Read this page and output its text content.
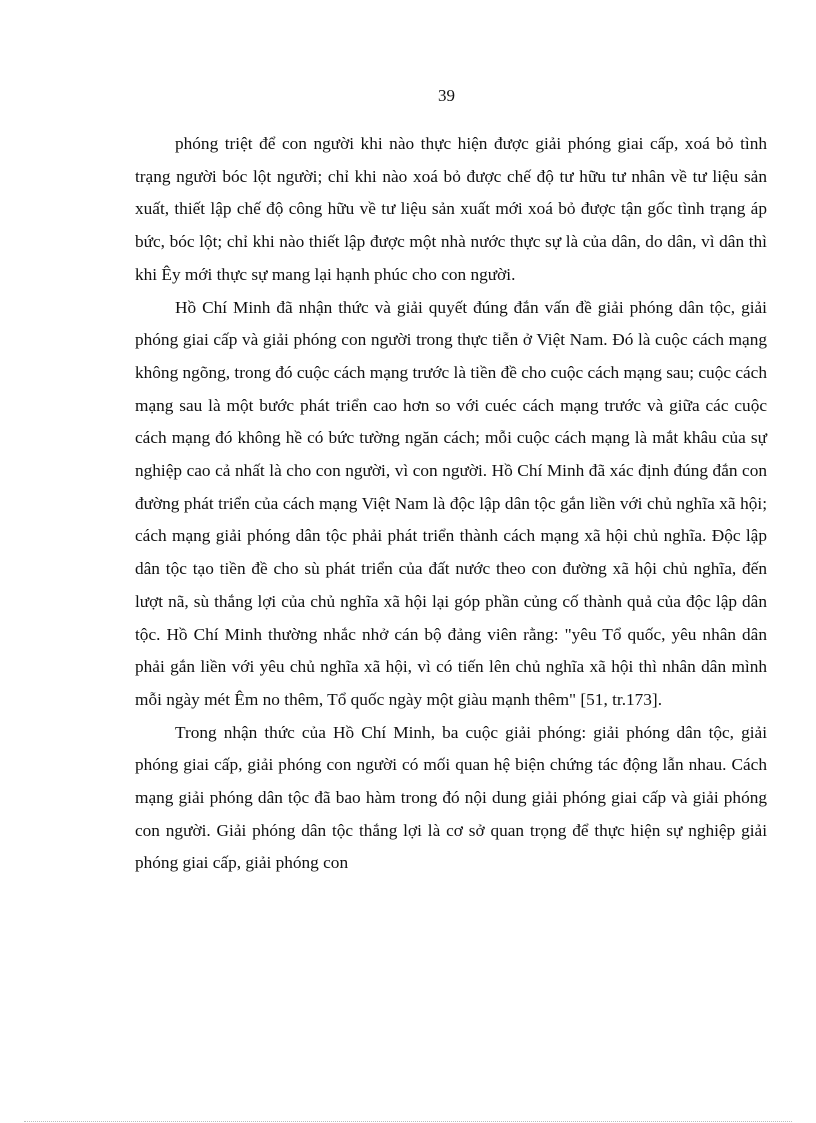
39

phóng triệt để con người khi nào thực hiện được giải phóng giai cấp, xoá bỏ tình trạng người bóc lột người; chỉ khi nào xoá bỏ được chế độ tư hữu tư nhân về tư liệu sản xuất, thiết lập chế độ công hữu về tư liệu sản xuất mới xoá bỏ được tận gốc tình trạng áp bức, bóc lột; chỉ khi nào thiết lập được một nhà nước thực sự là của dân, do dân, vì dân thì khi Êy mới thực sự mang lại hạnh phúc cho con người.

Hồ Chí Minh đã nhận thức và giải quyết đúng đắn vấn đề giải phóng dân tộc, giải phóng giai cấp và giải phóng con người trong thực tiễn ở Việt Nam. Đó là cuộc cách mạng không ngõng, trong đó cuộc cách mạng trước là tiền đề cho cuộc cách mạng sau; cuộc cách mạng sau là một bước phát triển cao hơn so với cuéc cách mạng trước và giữa các cuộc cách mạng đó không hề có bức tường ngăn cách; mỗi cuộc cách mạng là mắt khâu của sự nghiệp cao cả nhất là cho con người, vì con người. Hồ Chí Minh đã xác định đúng đắn con đường phát triển của cách mạng Việt Nam là độc lập dân tộc gắn liền với chủ nghĩa xã hội; cách mạng giải phóng dân tộc phải phát triển thành cách mạng xã hội chủ nghĩa. Độc lập dân tộc tạo tiền đề cho sù phát triển của đất nước theo con đường xã hội chủ nghĩa, đến lượt nã, sù thắng lợi của chủ nghĩa xã hội lại góp phần củng cố thành quả của độc lập dân tộc. Hồ Chí Minh thường nhắc nhở cán bộ đảng viên rằng: "yêu Tổ quốc, yêu nhân dân phải gắn liền với yêu chủ nghĩa xã hội, vì có tiến lên chủ nghĩa xã hội thì nhân dân mình mỗi ngày mét Êm no thêm, Tổ quốc ngày một giàu mạnh thêm" [51, tr.173].

Trong nhận thức của Hồ Chí Minh, ba cuộc giải phóng: giải phóng dân tộc, giải phóng giai cấp, giải phóng con người có mối quan hệ biện chứng tác động lẫn nhau. Cách mạng giải phóng dân tộc đã bao hàm trong đó nội dung giải phóng giai cấp và giải phóng con người. Giải phóng dân tộc thắng lợi là cơ sở quan trọng để thực hiện sự nghiệp giải phóng giai cấp, giải phóng con
